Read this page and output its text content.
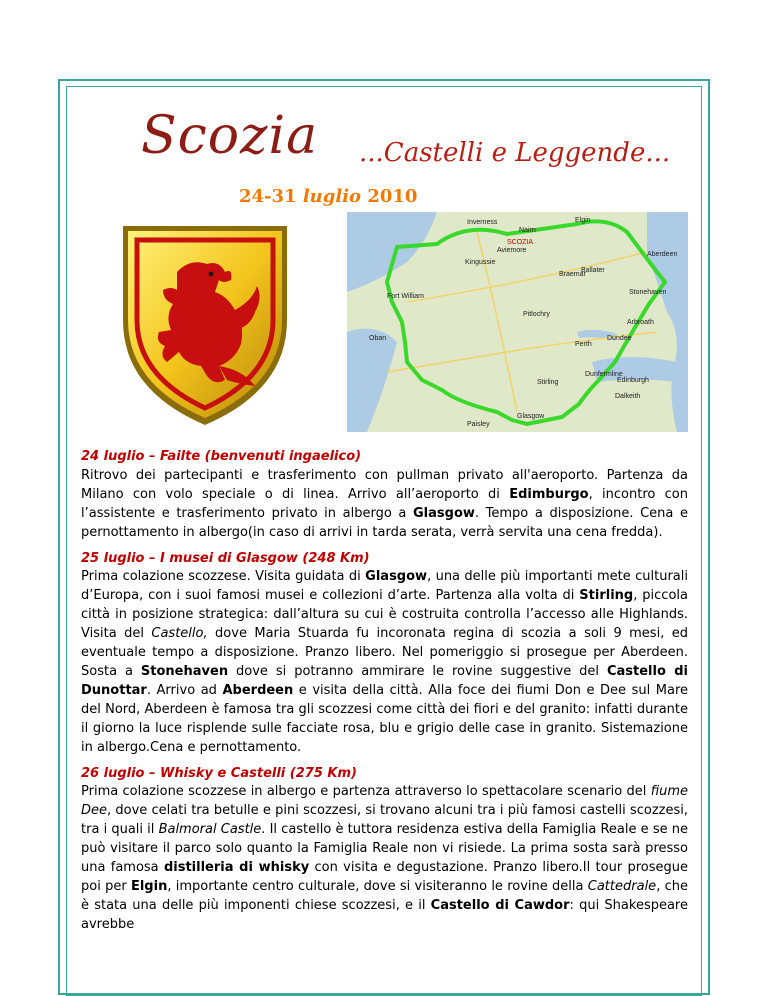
Scozia ...Castelli e Leggende...
24-31 luglio 2010
Inverness
Nairn
Elgin
Aberdeen
Stonehaven
Arbroath
Dundee
Perth
Stirling	Edinburgh
Glasgow
Dunfermline
Oban
Fort William
Pitlochry
Braemar
Ballater
Kingussie
Aviemore
SCOZIA
Dalkeith
Paisley

24 luglio – Failte (benvenuti ingaelico)
Ritrovo dei partecipanti e trasferimento con pullman privato all'aeroporto. Partenza da Milano con volo speciale o di linea. Arrivo all’aeroporto di Edimburgo, incontro con l’assistente e trasferimento privato in albergo a Glasgow. Tempo a disposizione. Cena e pernottamento in albergo(in caso di arrivi in tarda serata, verrà servita una cena fredda).

25 luglio – I musei di Glasgow (248 Km)
Prima colazione scozzese. Visita guidata di Glasgow, una delle più importanti mete culturali d’Europa, con i suoi famosi musei e collezioni d’arte. Partenza alla volta di Stirling, piccola città in posizione strategica: dall’altura su cui è costruita controlla l’accesso alle Highlands. Visita del Castello, dove Maria Stuarda fu incoronata regina di scozia a soli 9 mesi, ed eventuale tempo a disposizione. Pranzo libero. Nel pomeriggio si prosegue per Aberdeen. Sosta a Stonehaven dove si potranno ammirare le rovine suggestive del Castello di Dunottar. Arrivo ad Aberdeen e visita della città. Alla foce dei fiumi Don e Dee sul Mare del Nord, Aberdeen è famosa tra gli scozzesi come città dei fiori e del granito: infatti durante il giorno la luce risplende sulle facciate rosa, blu e grigio delle case in granito. Sistemazione in albergo.Cena e pernottamento.

26 luglio – Whisky e Castelli (275 Km)
Prima colazione scozzese in albergo e partenza attraverso lo spettacolare scenario del fiume Dee, dove celati tra betulle e pini scozzesi, si trovano alcuni tra i più famosi castelli scozzesi, tra i quali il Balmoral Castle. Il castello è tuttora residenza estiva della Famiglia Reale e se ne può visitare il parco solo quanto la Famiglia Reale non vi risiede. La prima sosta sarà presso una famosa distilleria di whisky con visita e degustazione. Pranzo libero.Il tour prosegue poi per Elgin, importante centro culturale, dove si visiteranno le rovine della Cattedrale, che è stata una delle più imponenti chiese scozzesi, e il Castello di Cawdor: qui Shakespeare avrebbe
